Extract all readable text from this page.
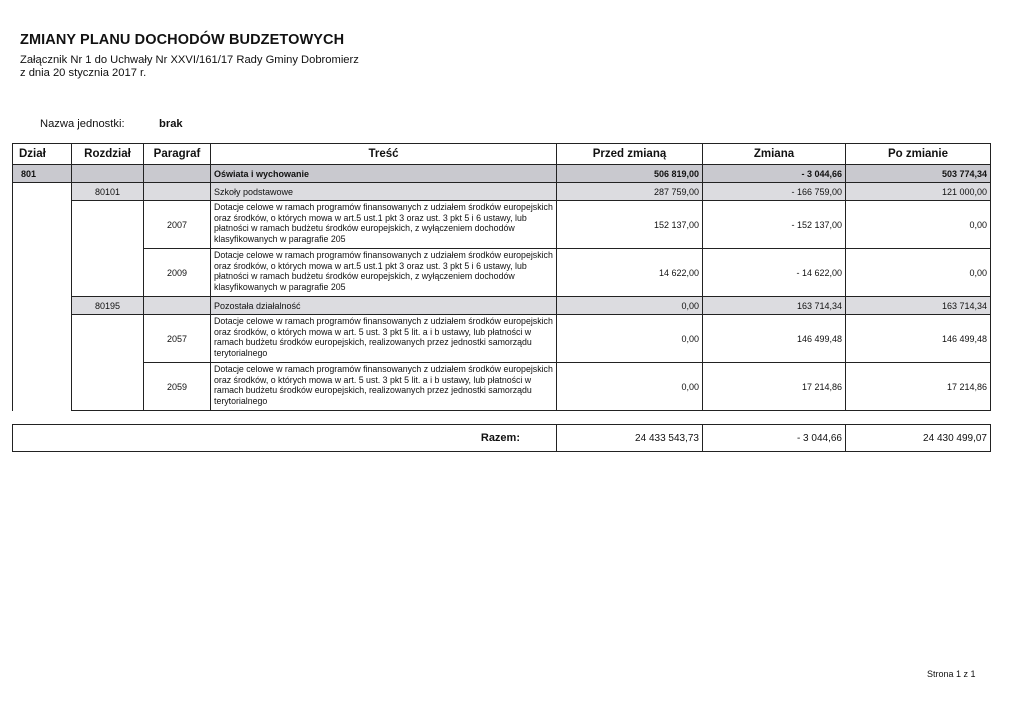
ZMIANY PLANU DOCHODÓW BUDZETOWYCH
Załącznik Nr 1 do Uchwały Nr XXVI/161/17 Rady Gminy Dobromierz
z dnia 20 stycznia 2017 r.
Nazwa jednostki:	brak
Dział	Rozdział	Paragraf	Treść	Przed zmianą	Zmiana	Po zmianie
801			Oświata i wychowanie	506 819,00	- 3 044,66	503 774,34
	80101		Szkoły podstawowe	287 759,00	- 166 759,00	121 000,00
		2007	Dotacje celowe w ramach programów finansowanych z udziałem środków europejskich oraz środków, o których mowa w art.5 ust.1 pkt 3 oraz ust. 3 pkt 5 i 6 ustawy, lub płatności w ramach budżetu środków europejskich, z wyłączeniem dochodów klasyfikowanych w paragrafie 205	152 137,00	- 152 137,00	0,00
		2009	Dotacje celowe w ramach programów finansowanych z udziałem środków europejskich oraz środków, o których mowa w art.5 ust.1 pkt 3 oraz ust. 3 pkt 5 i 6 ustawy, lub płatności w ramach budżetu środków europejskich, z wyłączeniem dochodów klasyfikowanych w paragrafie 205	14 622,00	- 14 622,00	0,00
	80195		Pozostała działalność	0,00	163 714,34	163 714,34
		2057	Dotacje celowe w ramach programów finansowanych z udziałem środków europejskich oraz środków, o których mowa w art. 5 ust. 3 pkt 5 lit. a i b ustawy, lub płatności w ramach budżetu środków europejskich, realizowanych przez jednostki samorządu terytorialnego	0,00	146 499,48	146 499,48
		2059	Dotacje celowe w ramach programów finansowanych z udziałem środków europejskich oraz środków, o których mowa w art. 5 ust. 3 pkt 5 lit. a i b ustawy, lub płatności w ramach budżetu środków europejskich, realizowanych przez jednostki samorządu terytorialnego	0,00	17 214,86	17 214,86
Razem:	24 433 543,73	- 3 044,66	24 430 499,07
Strona 1 z 1
